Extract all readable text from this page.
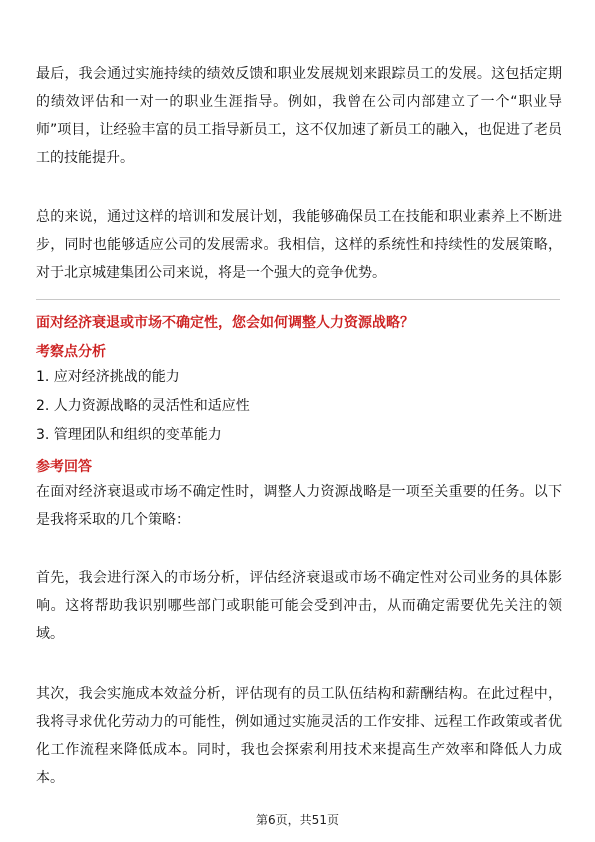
最后，我会通过实施持续的绩效反馈和职业发展规划来跟踪员工的发展。这包括定期的绩效评估和一对一的职业生涯指导。例如，我曾在公司内部建立了一个“职业导师”项目，让经验丰富的员工指导新员工，这不仅加速了新员工的融入，也促进了老员工的技能提升。

总的来说，通过这样的培训和发展计划，我能够确保员工在技能和职业素养上不断进步，同时也能够适应公司的发展需求。我相信，这样的系统性和持续性的发展策略，对于北京城建集团公司来说，将是一个强大的竞争优势。

面对经济衰退或市场不确定性，您会如何调整人力资源战略？

考察点分析

1. 应对经济挑战的能力

2. 人力资源战略的灵活性和适应性

3. 管理团队和组织的变革能力

参考回答

在面对经济衰退或市场不确定性时，调整人力资源战略是一项至关重要的任务。以下是我将采取的几个策略：

首先，我会进行深入的市场分析，评估经济衰退或市场不确定性对公司业务的具体影响。这将帮助我识别哪些部门或职能可能会受到冲击，从而确定需要优先关注的领域。

其次，我会实施成本效益分析，评估现有的员工队伍结构和薪酬结构。在此过程中，我将寻求优化劳动力的可能性，例如通过实施灵活的工作安排、远程工作政策或者优化工作流程来降低成本。同时，我也会探索利用技术来提高生产效率和降低人力成本。

第6页，共51页
